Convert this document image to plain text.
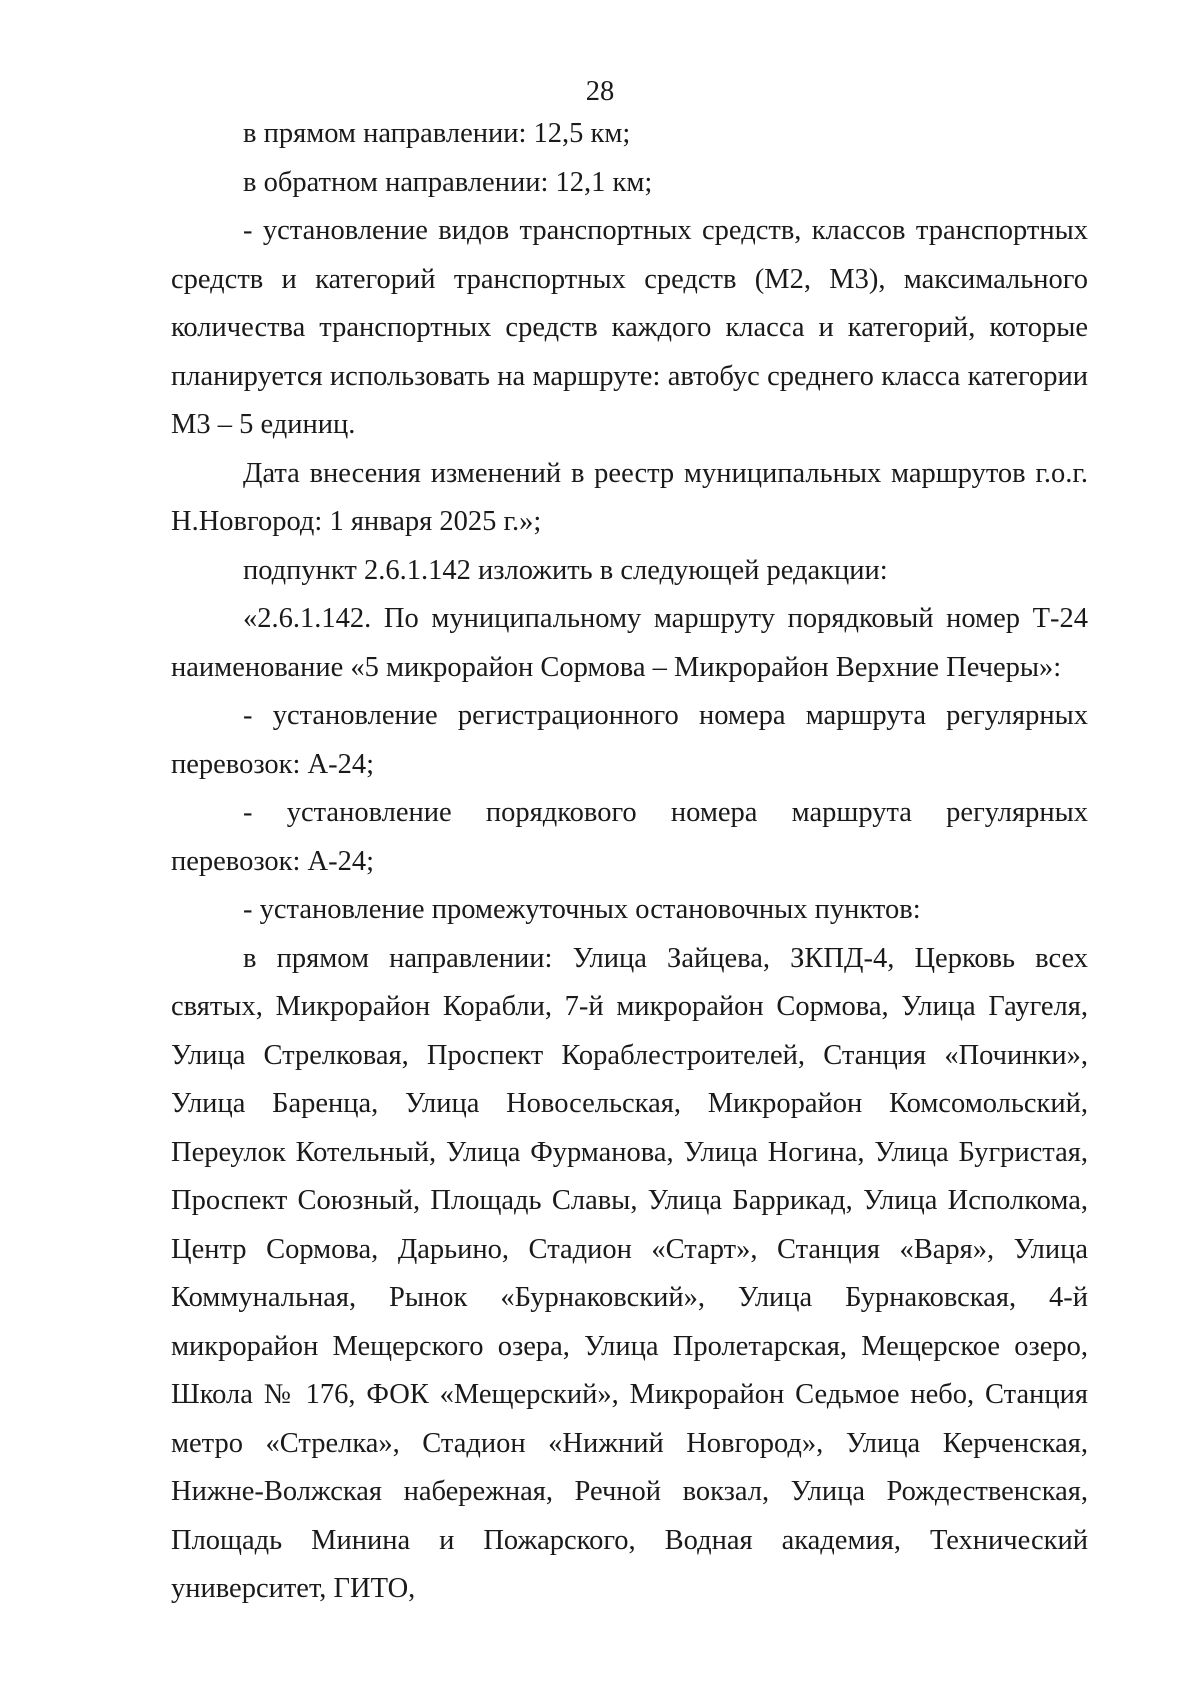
28

в прямом направлении: 12,5 км;

в обратном направлении: 12,1 км;

- установление видов транспортных средств, классов транспортных средств и категорий транспортных средств (М2, М3), максимального количества транспортных средств каждого класса и категорий, которые планируется использовать на маршруте: автобус среднего класса категории М3 – 5 единиц.

Дата внесения изменений в реестр муниципальных маршрутов г.о.г. Н.Новгород: 1 января 2025 г.»;

подпункт 2.6.1.142 изложить в следующей редакции:

«2.6.1.142. По муниципальному маршруту порядковый номер Т-24 наименование «5 микрорайон Сормова – Микрорайон Верхние Печеры»:

- установление регистрационного номера маршрута регулярных перевозок: А-24;

- установление порядкового номера маршрута регулярных перевозок: А-24;

- установление промежуточных остановочных пунктов:

в прямом направлении: Улица Зайцева, ЗКПД-4, Церковь всех святых, Микрорайон Корабли, 7-й микрорайон Сормова, Улица Гаугеля, Улица Стрелковая, Проспект Кораблестроителей, Станция «Починки», Улица Баренца, Улица Новосельская, Микрорайон Комсомольский, Переулок Котельный, Улица Фурманова, Улица Ногина, Улица Бугристая, Проспект Союзный, Площадь Славы, Улица Баррикад, Улица Исполкома, Центр Сормова, Дарьино, Стадион «Старт», Станция «Варя», Улица Коммунальная, Рынок «Бурнаковский», Улица Бурнаковская, 4-й микрорайон Мещерского озера, Улица Пролетарская, Мещерское озеро, Школа № 176, ФОК «Мещерский», Микрорайон Седьмое небо, Станция метро «Стрелка», Стадион «Нижний Новгород», Улица Керченская, Нижне-Волжская набережная, Речной вокзал, Улица Рождественская, Площадь Минина и Пожарского, Водная академия, Технический университет, ГИТО,
